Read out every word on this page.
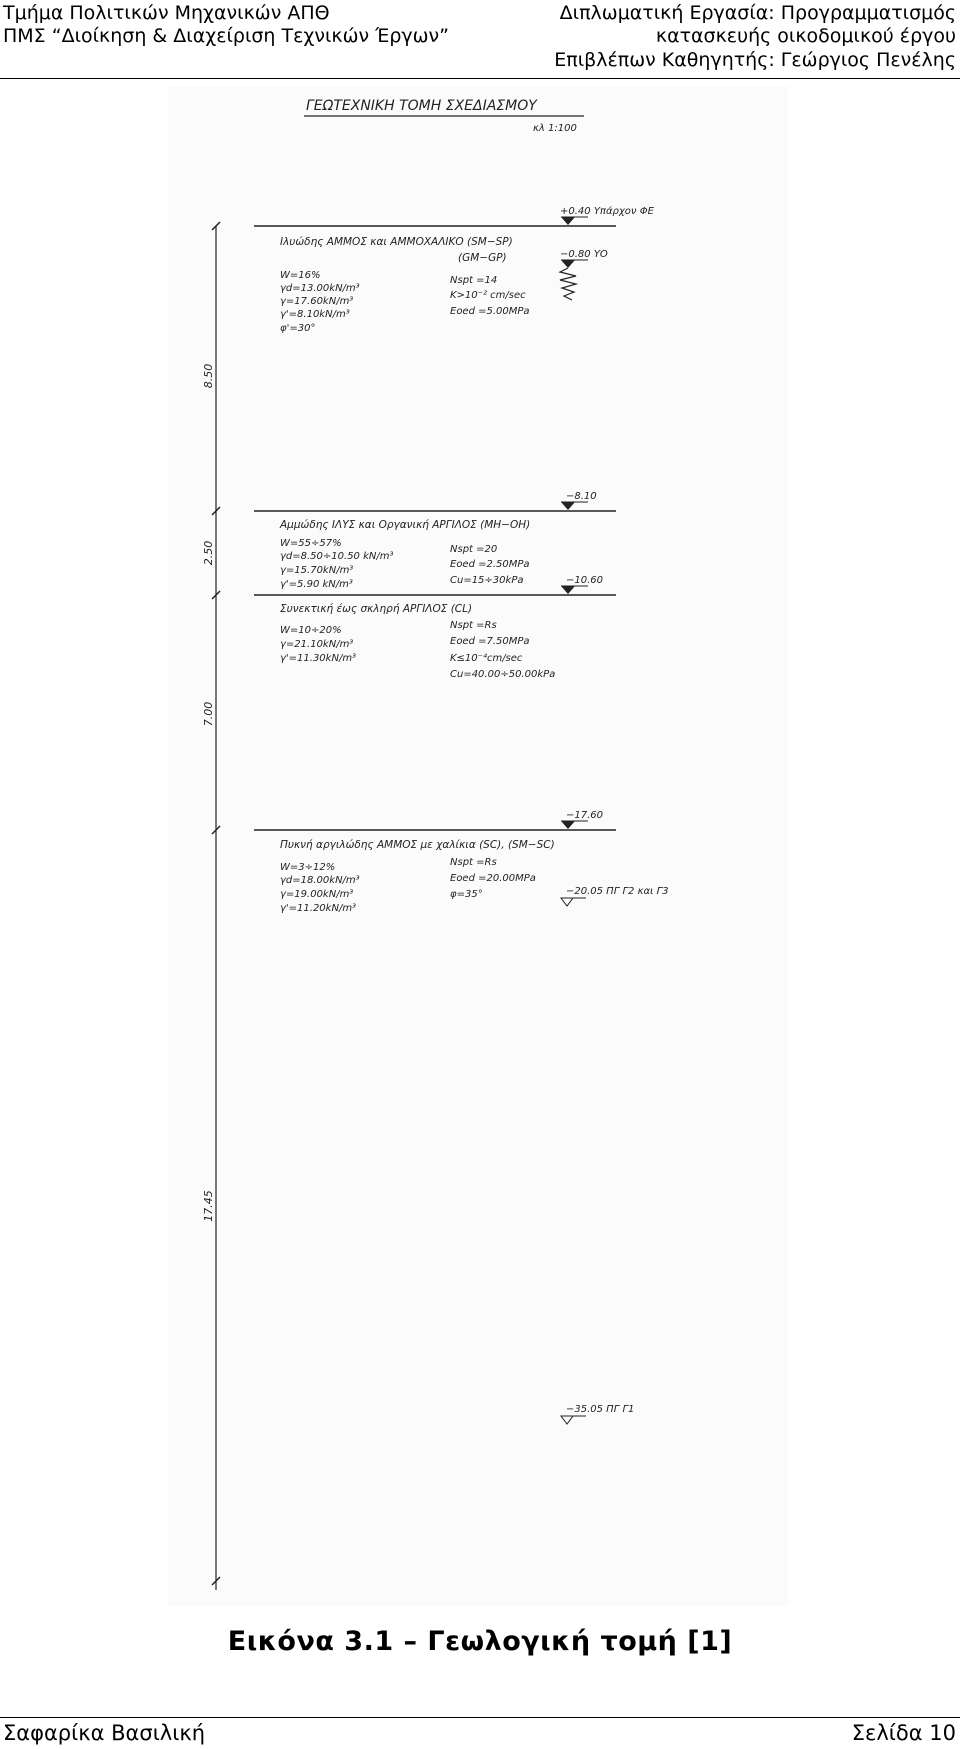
Τμήμα Πολιτικών Μηχανικών ΑΠΘ
ΠΜΣ “Διοίκηση & Διαχείριση Τεχνικών Έργων”
Διπλωματική Εργασία: Προγραμματισμός
κατασκευής οικοδομικού έργου
Επιβλέπων Καθηγητής: Γεώργιος Πενέλης
ΓΕΩΤΕΧΝΙΚΗ ΤΟΜΗ ΣΧΕΔΙΑΣΜΟΥ
κλ 1:100
8.50
2.50
7.00
17.45
+0.40 Υπάρχον ΦΕ
−0.80 ΥΟ
−8.10
−10.60
−17.60
−20.05 ΠΓ Γ2 και Γ3
−35.05 ΠΓ Γ1
Ιλυώδης ΑΜΜΟΣ και ΑΜΜΟΧΑΛΙΚΟ (SM−SP)
(GM−GP)
W=16%
γd=13.00kN/m³
γ=17.60kN/m³
γ'=8.10kN/m³
φ'=30°
Nspt =14
K>10⁻² cm/sec
Eoed =5.00MPa
Αμμώδης ΙΛΥΣ και Οργανική ΑΡΓΙΛΟΣ (MH−OH)
W=55÷57%
γd=8.50÷10.50 kN/m³
γ=15.70kN/m³
γ'=5.90 kN/m³
Nspt =20
Eoed =2.50MPa
Cu=15÷30kPa
Συνεκτική έως σκληρή ΑΡΓΙΛΟΣ (CL)
W=10÷20%
γ=21.10kN/m³
γ'=11.30kN/m³
Nspt =Rs
Eoed =7.50MPa
K≤10⁻⁴cm/sec
Cu=40.00÷50.00kPa
Πυκνή αργιλώδης ΑΜΜΟΣ με χαλίκια (SC), (SM−SC)
W=3÷12%
γd=18.00kN/m³
γ=19.00kN/m³
γ'=11.20kN/m³
Nspt =Rs
Eoed =20.00MPa
φ=35°
Εικόνα 3.1 – Γεωλογική τομή [1]
Σαφαρίκα Βασιλική	Σελίδα 10
